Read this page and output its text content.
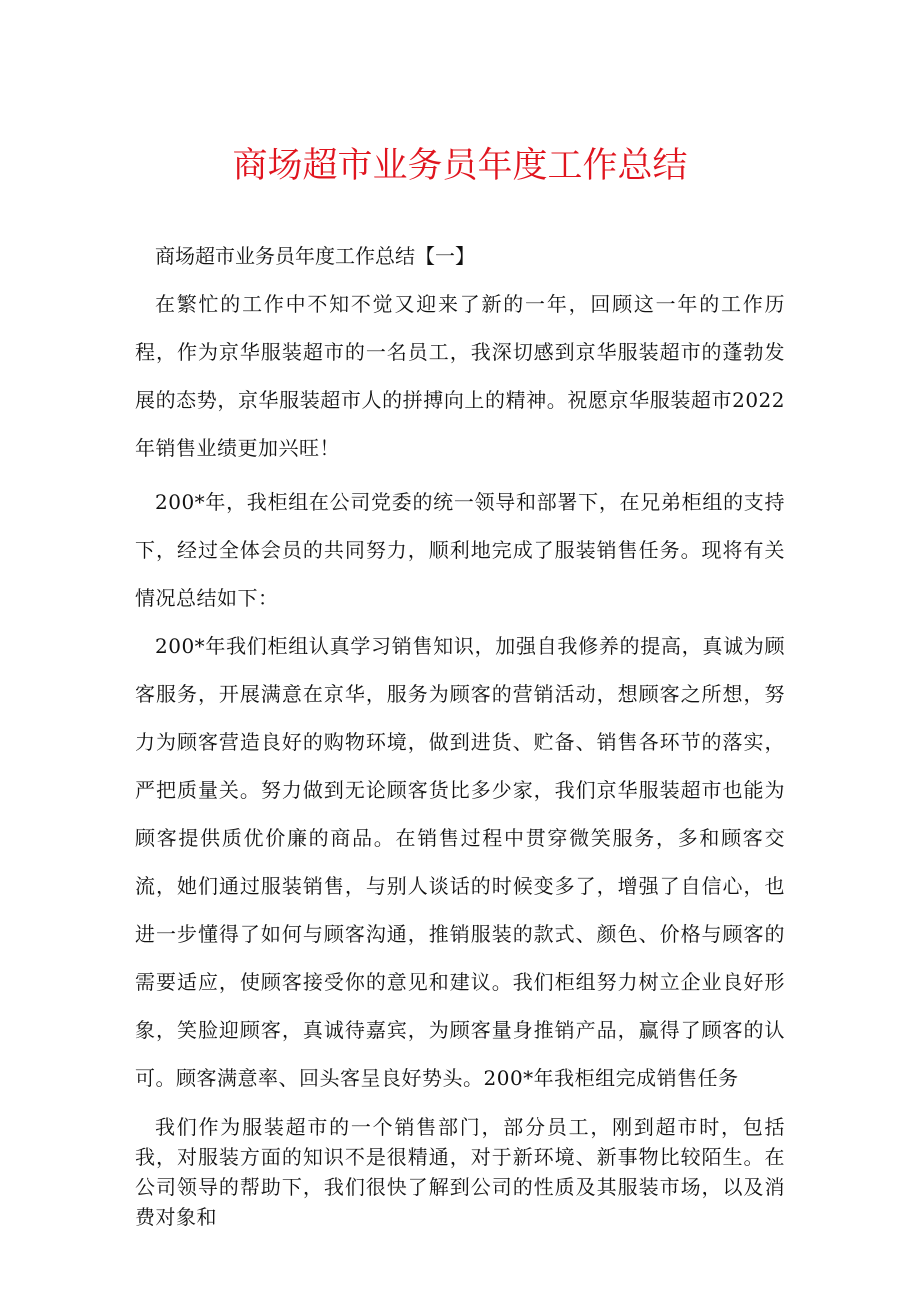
商场超市业务员年度工作总结

商场超市业务员年度工作总结【一】

在繁忙的工作中不知不觉又迎来了新的一年，回顾这一年的工作历程，作为京华服装超市的一名员工，我深切感到京华服装超市的蓬勃发展的态势，京华服装超市人的拼搏向上的精神。祝愿京华服装超市2022年销售业绩更加兴旺！

200*年，我柜组在公司党委的统一领导和部署下，在兄弟柜组的支持下，经过全体会员的共同努力，顺利地完成了服装销售任务。现将有关情况总结如下：

200*年我们柜组认真学习销售知识，加强自我修养的提高，真诚为顾客服务，开展满意在京华，服务为顾客的营销活动，想顾客之所想，努力为顾客营造良好的购物环境，做到进货、贮备、销售各环节的落实，严把质量关。努力做到无论顾客货比多少家，我们京华服装超市也能为顾客提供质优价廉的商品。在销售过程中贯穿微笑服务，多和顾客交流，她们通过服装销售，与别人谈话的时候变多了，增强了自信心，也进一步懂得了如何与顾客沟通，推销服装的款式、颜色、价格与顾客的需要适应，使顾客接受你的意见和建议。我们柜组努力树立企业良好形象，笑脸迎顾客，真诚待嘉宾，为顾客量身推销产品，赢得了顾客的认可。顾客满意率、回头客呈良好势头。200*年我柜组完成销售任务

我们作为服装超市的一个销售部门，部分员工，刚到超市时，包括我，对服装方面的知识不是很精通，对于新环境、新事物比较陌生。在公司领导的帮助下，我们很快了解到公司的性质及其服装市场，以及消费对象和
